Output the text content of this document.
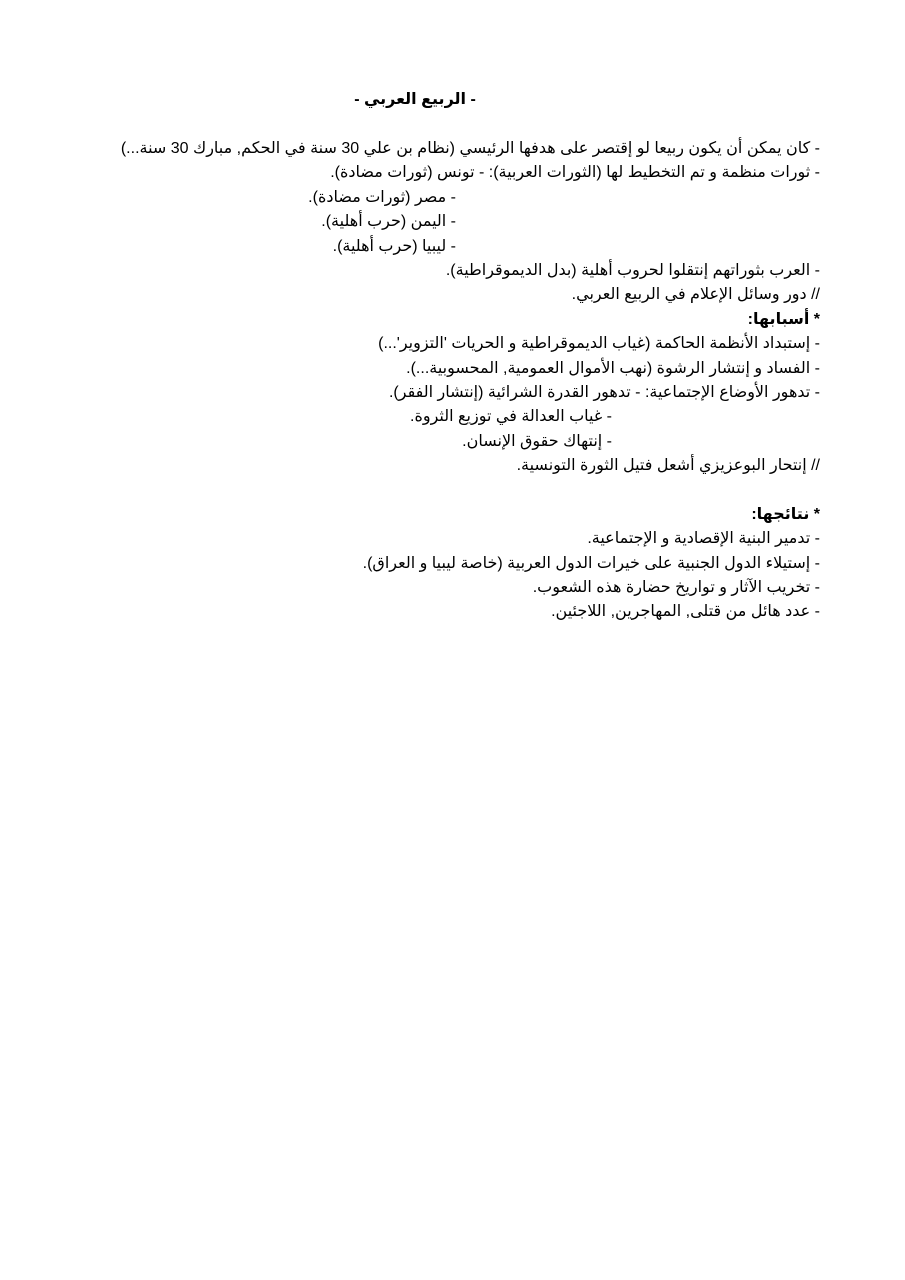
- الربيع العربي -
- كان يمكن أن يكون ربيعا لو إقتصر على هدفها الرئيسي (نظام بن علي 30 سنة في الحكم, مبارك 30 سنة...)
- ثورات منظمة و تم التخطيط لها (الثورات العربية): - تونس (ثورات مضادة).
- مصر (ثورات مضادة).
- اليمن (حرب أهلية).
- ليبيا (حرب أهلية).
- العرب بثوراتهم إنتقلوا لحروب أهلية (بدل الديموقراطية).
// دور وسائل الإعلام في الربيع العربي.
* أسبابها:
- إستبداد الأنظمة الحاكمة (غياب الديموقراطية و الحريات 'التزوير'...)
- الفساد و إنتشار الرشوة (نهب الأموال العمومية, المحسوبية...).
- تدهور الأوضاع الإجتماعية: - تدهور القدرة الشرائية (إنتشار الفقر).
- غياب العدالة في توزيع الثروة.
- إنتهاك حقوق الإنسان.
// إنتحار البوعزيزي أشعل فتيل الثورة التونسية.
* نتائجها:
- تدمير البنية الإقصادية و الإجتماعية.
- إستيلاء الدول الجنبية على خيرات الدول العربية (خاصة ليبيا و العراق).
- تخريب الآثار و تواريخ حضارة هذه الشعوب.
- عدد هائل من قتلى, المهاجرين, اللاجئين.
